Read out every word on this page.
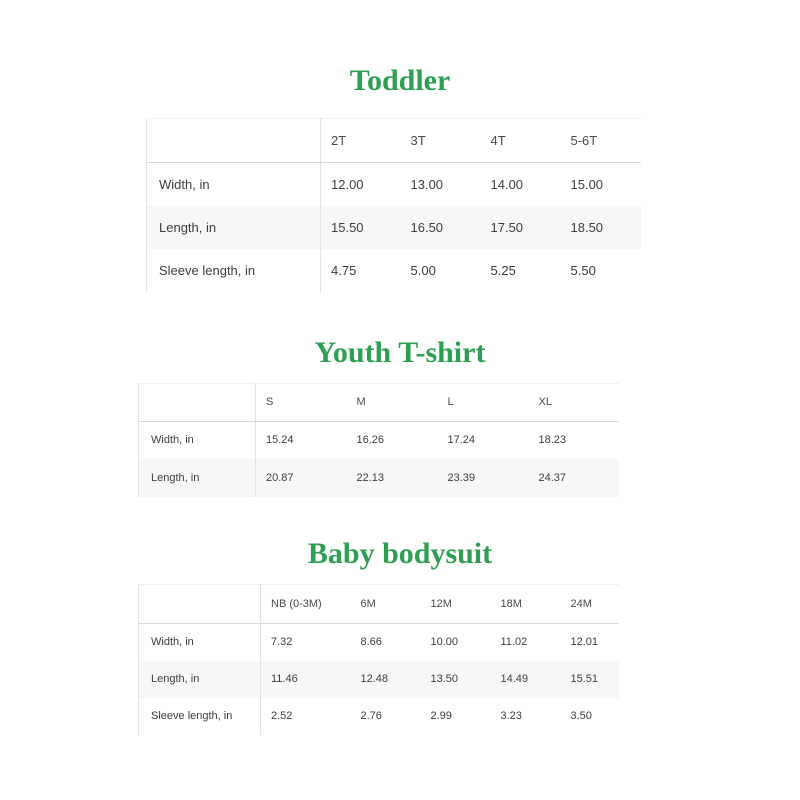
Toddler
	2T	3T	4T	5-6T
Width, in	12.00	13.00	14.00	15.00
Length, in	15.50	16.50	17.50	18.50
Sleeve length, in	4.75	5.00	5.25	5.50
Youth T-shirt
	S	M	L	XL
Width, in	15.24	16.26	17.24	18.23
Length, in	20.87	22.13	23.39	24.37
Baby bodysuit
	NB (0-3M)	6M	12M	18M	24M
Width, in	7.32	8.66	10.00	11.02	12.01
Length, in	11.46	12.48	13.50	14.49	15.51
Sleeve length, in	2.52	2.76	2.99	3.23	3.50
